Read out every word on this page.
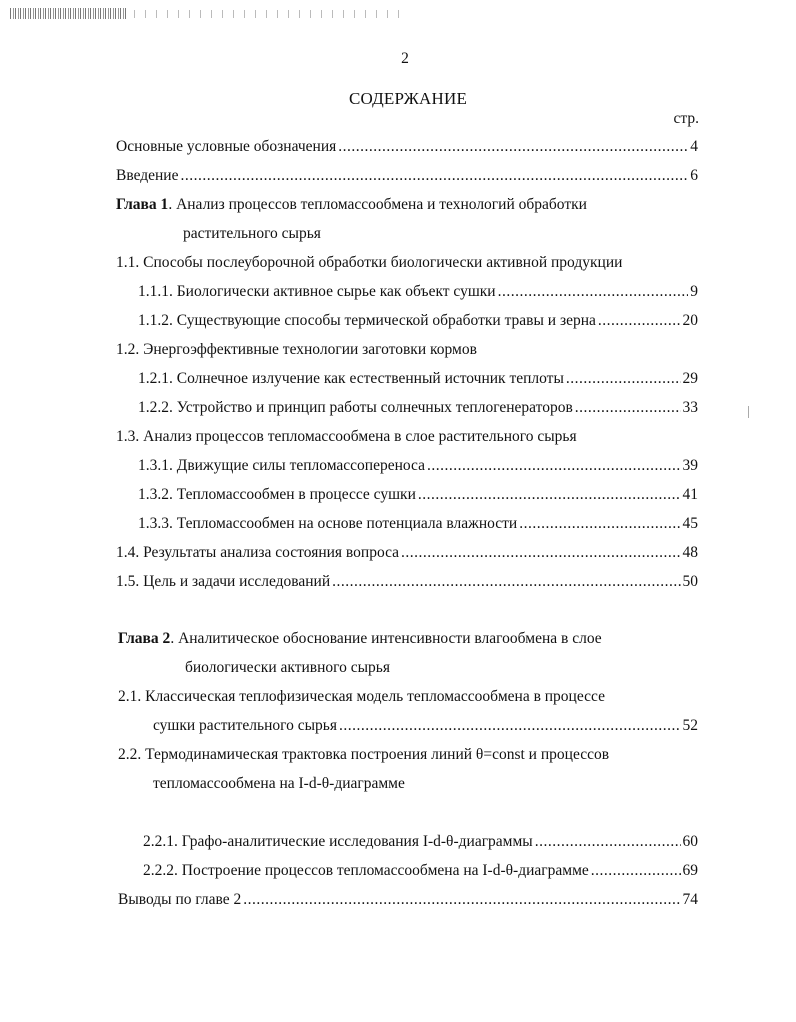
2
СОДЕРЖАНИЕ
стр.
Основные условные обозначения .....	4
Введение .....	6
Глава 1. Анализ процессов тепломассообмена и технологий обработки
растительного сырья
1.1. Способы послеуборочной обработки биологически активной продукции
1.1.1. Биологически активное сырье как объект сушки .....	9
1.1.2. Существующие способы термической обработки травы и зерна .....	20
1.2. Энергоэффективные технологии заготовки кормов
1.2.1. Солнечное излучение как естественный источник теплоты .....	29
1.2.2. Устройство и принцип работы солнечных теплогенераторов .....	33
1.3. Анализ процессов тепломассообмена в слое растительного сырья
1.3.1. Движущие силы тепломассопереноса .....	39
1.3.2. Тепломассообмен в процессе сушки .....	41
1.3.3. Тепломассообмен на основе потенциала влажности .....	45
1.4. Результаты анализа состояния вопроса .....	48
1.5. Цель и задачи исследований .....	50
Глава 2. Аналитическое обоснование интенсивности влагообмена в слое
биологически активного сырья
2.1. Классическая теплофизическая модель тепломассообмена в процессе
сушки растительного сырья .....	52
2.2. Термодинамическая трактовка построения линий θ=const и процессов
тепломассообмена на I-d-θ-диаграмме
2.2.1. Графо-аналитические исследования I-d-θ-диаграммы .....	60
2.2.2. Построение процессов тепломассообмена на I-d-θ-диаграмме .....	69
Выводы по главе 2 .....	74
